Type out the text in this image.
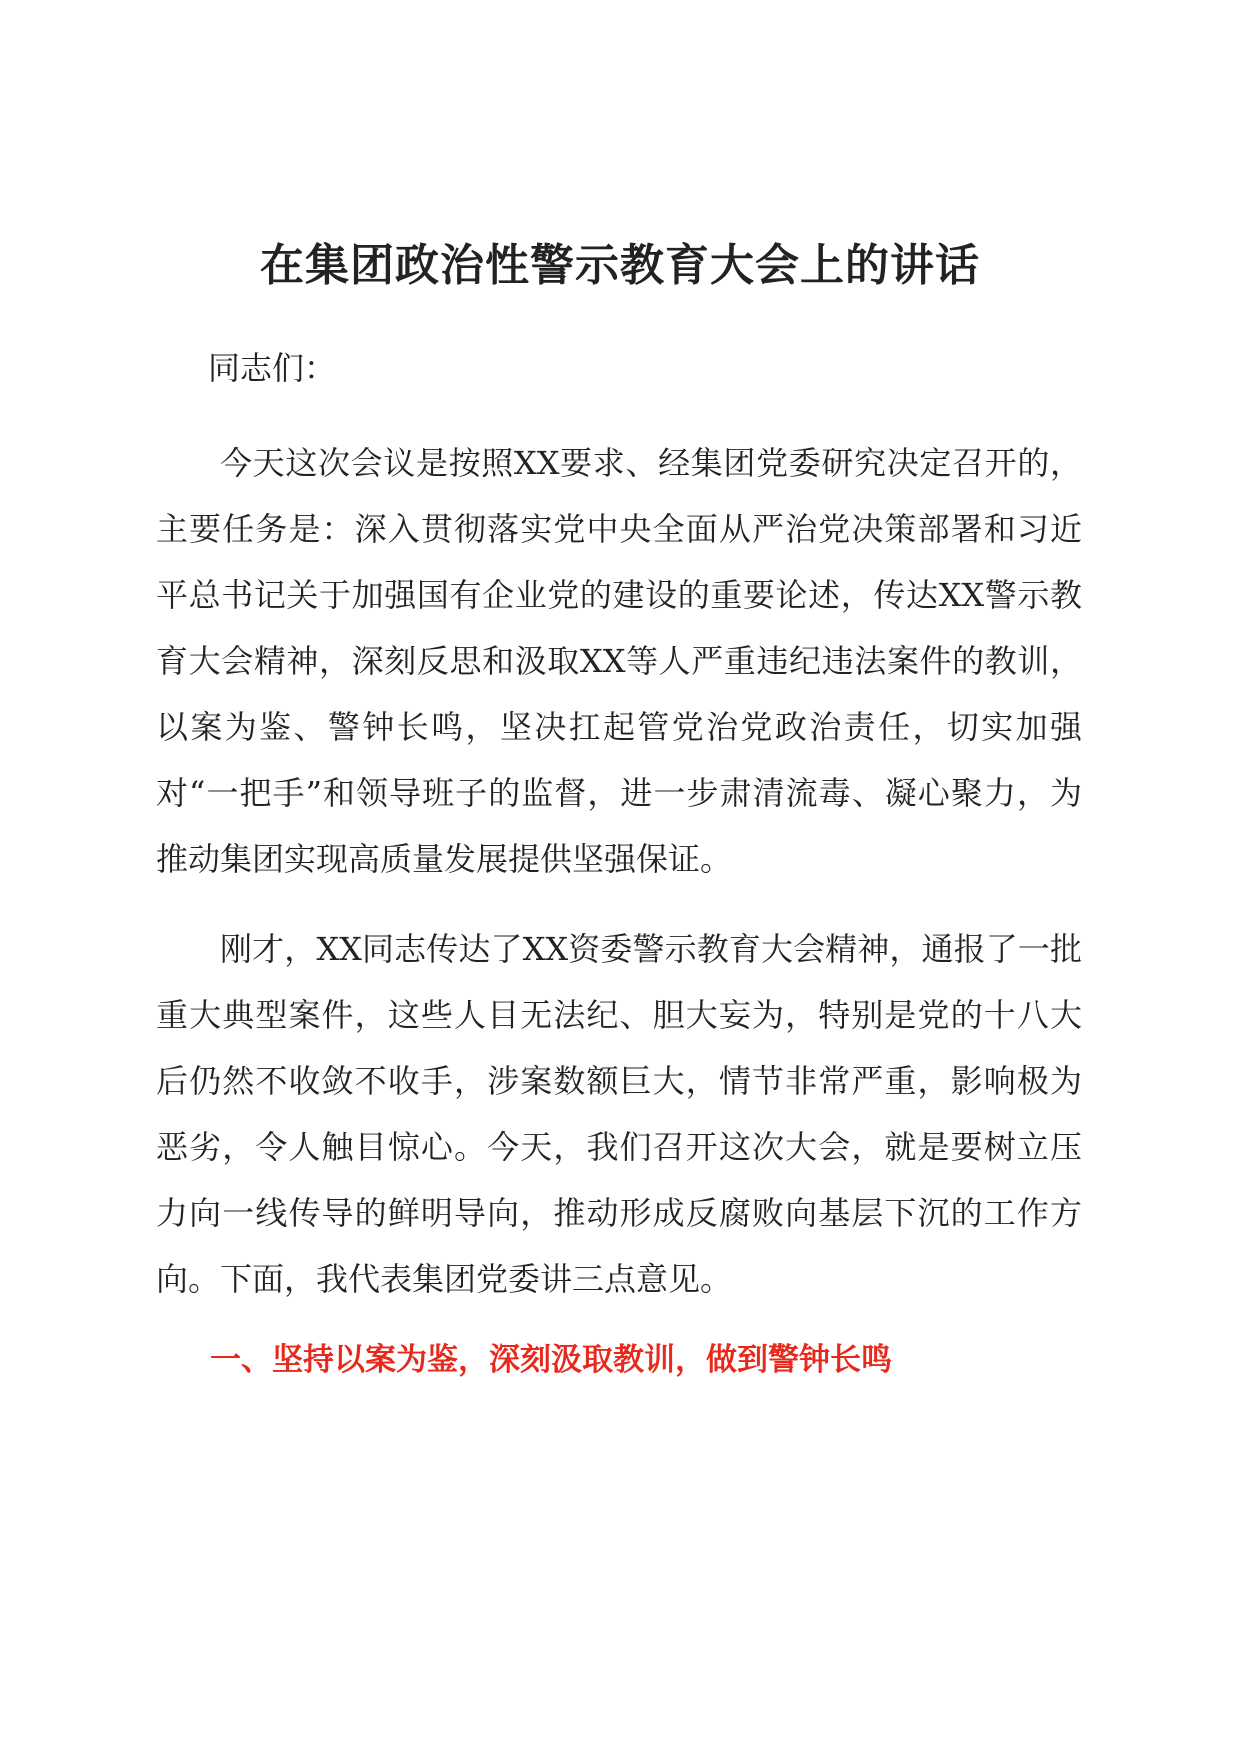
在集团政治性警示教育大会上的讲话
同志们：

今天这次会议是按照XX要求、经集团党委研究决定召开的，主要任务是：深入贯彻落实党中央全面从严治党决策部署和习近平总书记关于加强国有企业党的建设的重要论述，传达XX警示教育大会精神，深刻反思和汲取XX等人严重违纪违法案件的教训，以案为鉴、警钟长鸣，坚决扛起管党治党政治责任，切实加强对“一把手”和领导班子的监督，进一步肃清流毒、凝心聚力，为推动集团实现高质量发展提供坚强保证。

刚才，XX同志传达了XX资委警示教育大会精神，通报了一批重大典型案件，这些人目无法纪、胆大妄为，特别是党的十八大后仍然不收敛不收手，涉案数额巨大，情节非常严重，影响极为恶劣，令人触目惊心。今天，我们召开这次大会，就是要树立压力向一线传导的鲜明导向，推动形成反腐败向基层下沉的工作方向。下面，我代表集团党委讲三点意见。

一、坚持以案为鉴，深刻汲取教训，做到警钟长鸣
